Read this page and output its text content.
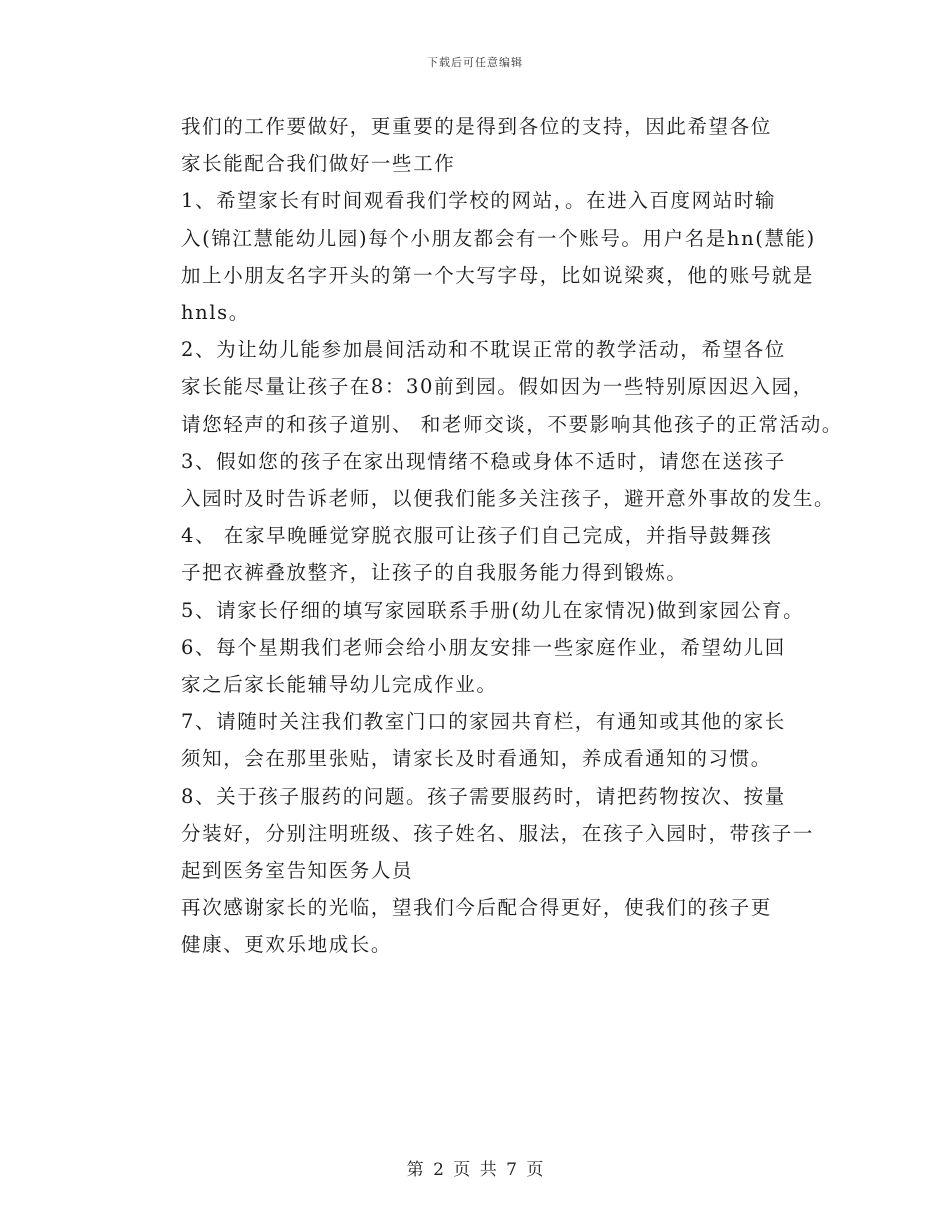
下载后可任意编辑

我们的工作要做好，更重要的是得到各位的支持，因此希望各位
家长能配合我们做好一些工作

1、希望家长有时间观看我们学校的网站，。在进入百度网站时输
入(锦江慧能幼儿园)每个小朋友都会有一个账号。用户名是hn(慧能)
加上小朋友名字开头的第一个大写字母，比如说梁爽，他的账号就是
hnls。

2、为让幼儿能参加晨间活动和不耽误正常的教学活动，希望各位
家长能尽量让孩子在8：30前到园。假如因为一些特别原因迟入园，
请您轻声的和孩子道别、 和老师交谈，不要影响其他孩子的正常活动。

3、假如您的孩子在家出现情绪不稳或身体不适时，请您在送孩子
入园时及时告诉老师，以便我们能多关注孩子，避开意外事故的发生。

4、 在家早晚睡觉穿脱衣服可让孩子们自己完成，并指导鼓舞孩
子把衣裤叠放整齐，让孩子的自我服务能力得到锻炼。

5、请家长仔细的填写家园联系手册(幼儿在家情况)做到家园公育。

6、每个星期我们老师会给小朋友安排一些家庭作业，希望幼儿回
家之后家长能辅导幼儿完成作业。

7、请随时关注我们教室门口的家园共育栏，有通知或其他的家长
须知，会在那里张贴，请家长及时看通知，养成看通知的习惯。

8、关于孩子服药的问题。孩子需要服药时，请把药物按次、按量
分装好，分别注明班级、孩子姓名、服法，在孩子入园时，带孩子一
起到医务室告知医务人员

再次感谢家长的光临，望我们今后配合得更好，使我们的孩子更
健康、更欢乐地成长。

第 2 页 共 7 页
